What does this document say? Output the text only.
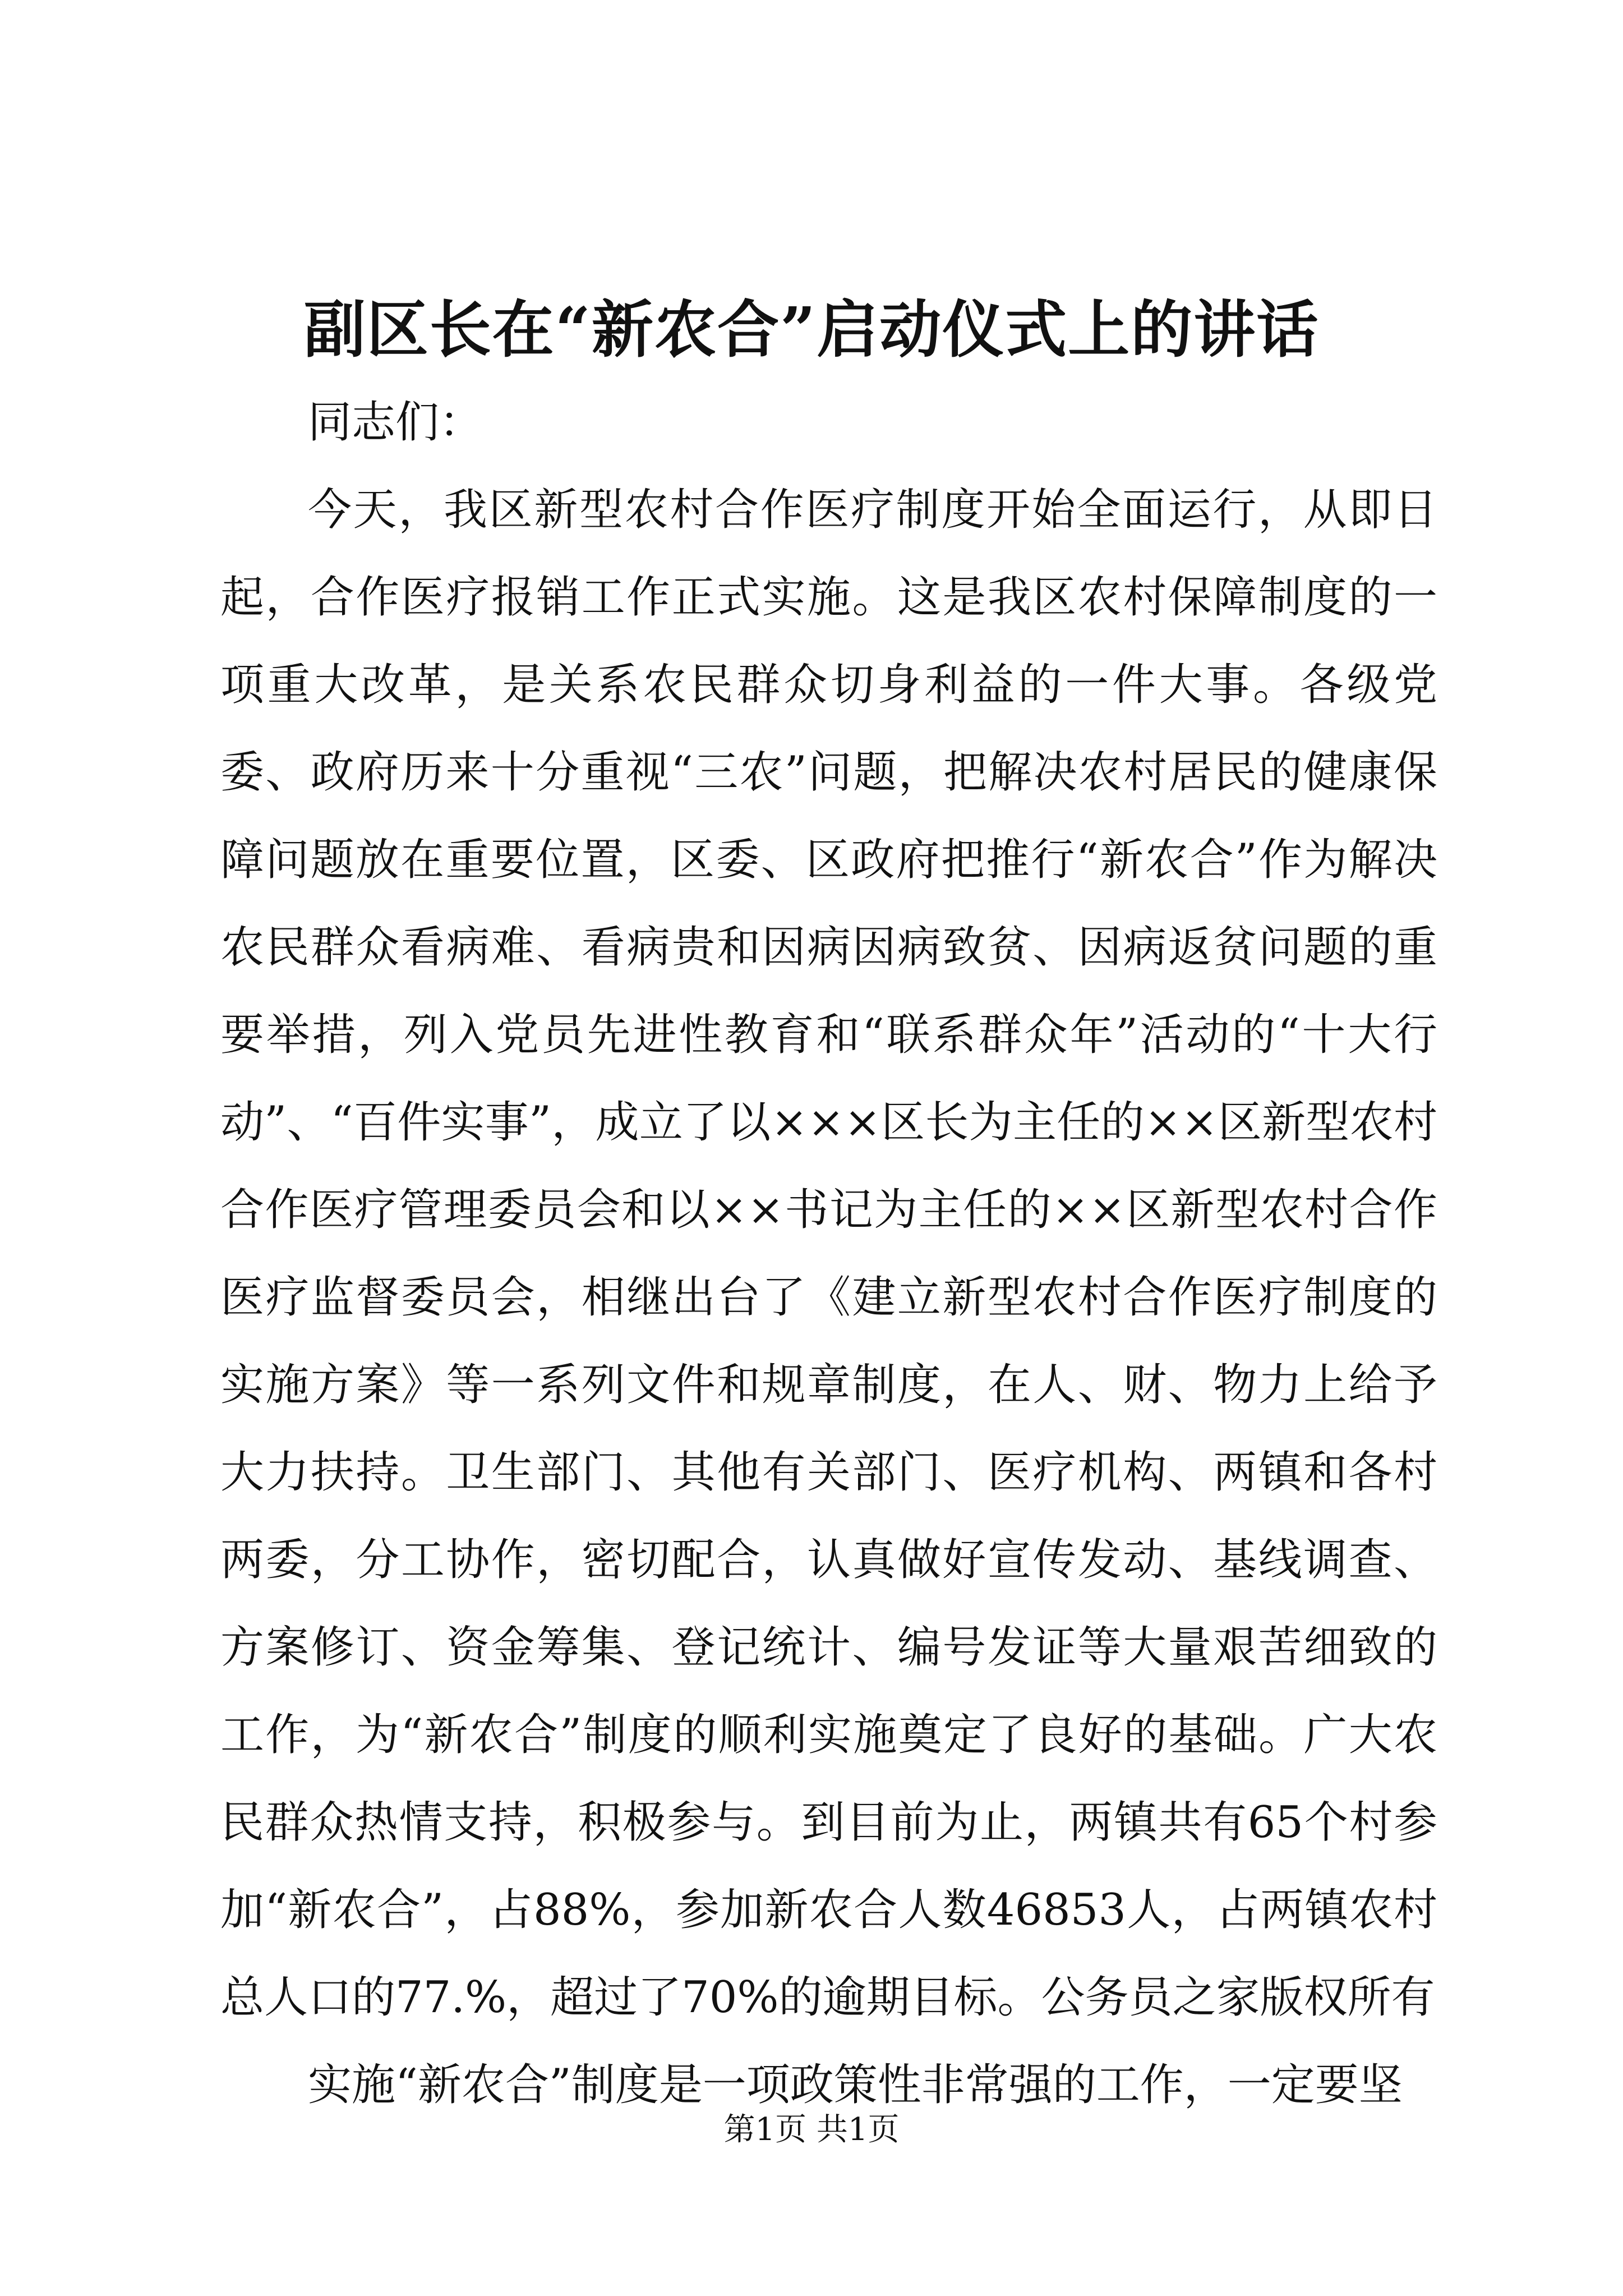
副区长在“新农合”启动仪式上的讲话

同志们：

今天，我区新型农村合作医疗制度开始全面运行，从即日起，合作医疗报销工作正式实施。这是我区农村保障制度的一项重大改革，是关系农民群众切身利益的一件大事。各级党委、政府历来十分重视“三农”问题，把解决农村居民的健康保障问题放在重要位置，区委、区政府把推行“新农合”作为解决农民群众看病难、看病贵和因病因病致贫、因病返贫问题的重要举措，列入党员先进性教育和“联系群众年”活动的“十大行动”、“百件实事”，成立了以×××区长为主任的××区新型农村合作医疗管理委员会和以××书记为主任的××区新型农村合作医疗监督委员会，相继出台了《建立新型农村合作医疗制度的实施方案》等一系列文件和规章制度，在人、财、物力上给予大力扶持。卫生部门、其他有关部门、医疗机构、两镇和各村两委，分工协作，密切配合，认真做好宣传发动、基线调查、方案修订、资金筹集、登记统计、编号发证等大量艰苦细致的工作，为“新农合”制度的顺利实施奠定了良好的基础。广大农民群众热情支持，积极参与。到目前为止，两镇共有65个村参加“新农合”，占88%，参加新农合人数46853人，占两镇农村总人口的77.%，超过了70%的逾期目标。公务员之家版权所有

实施“新农合”制度是一项政策性非常强的工作，一定要坚

第1页 共1页
